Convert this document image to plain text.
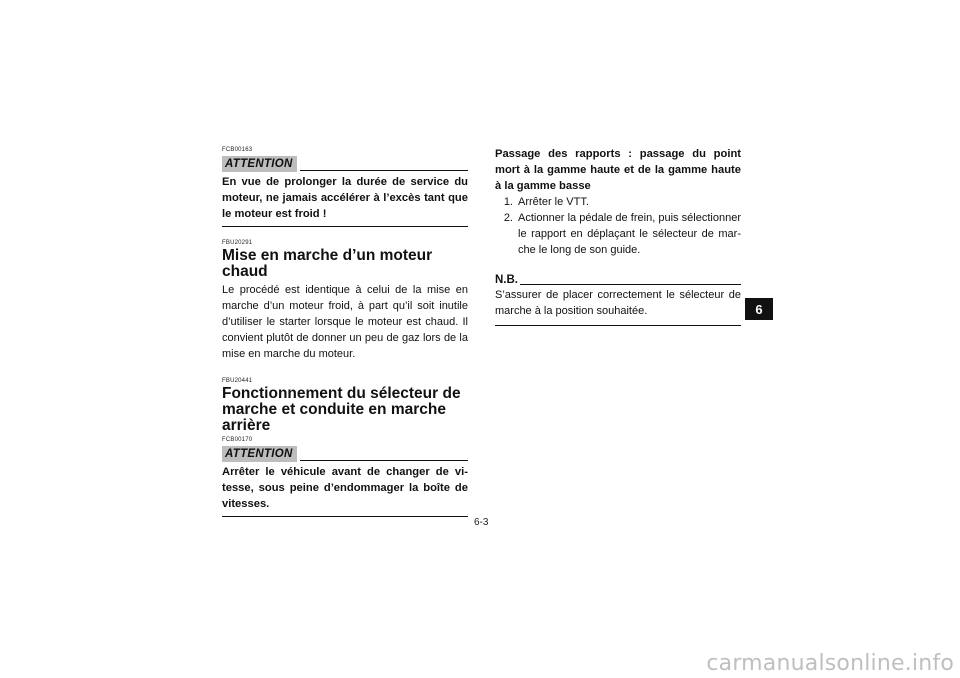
FCB00163
ATTENTION
En vue de prolonger la durée de service du moteur, ne jamais accélérer à l’excès tant que le moteur est froid !
FBU20291
Mise en marche d’un moteur chaud
Le procédé est identique à celui de la mise en marche d’un moteur froid, à part qu’il soit inutile d’utiliser le starter lorsque le moteur est chaud. Il convient plutôt de donner un peu de gaz lors de la mise en marche du moteur.
FBU20441
Fonctionnement du sélecteur de marche et conduite en marche arrière
FCB00170
ATTENTION
Arrêter le véhicule avant de changer de vitesse, sous peine d’endommager la boîte de vitesses.
Passage des rapports : passage du point mort à la gamme haute et de la gamme haute à la gamme basse
1. Arrêter le VTT.
2. Actionner la pédale de frein, puis sélectionner le rapport en déplaçant le sélecteur de marche le long de son guide.
N.B.
S’assurer de placer correctement le sélecteur de marche à la position souhaitée.
6-3
6
carmanualsonline.info
